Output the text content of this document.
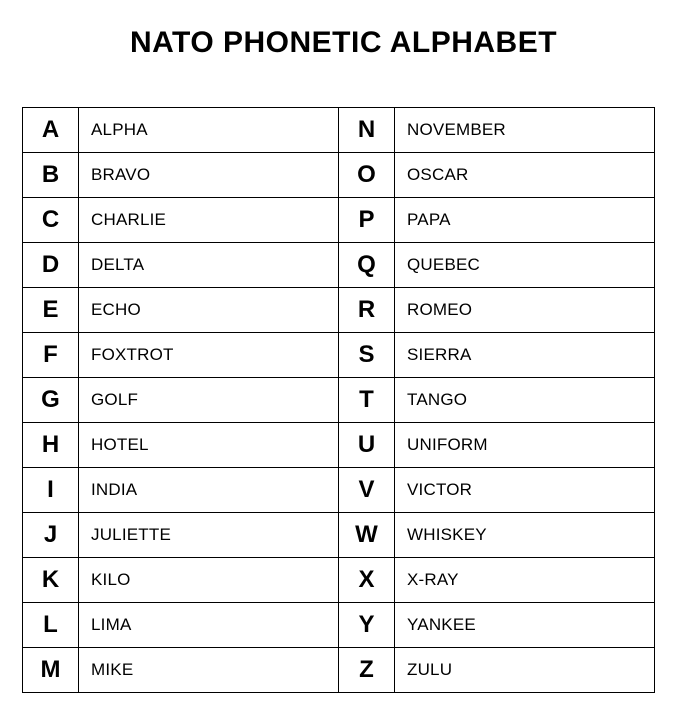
NATO PHONETIC ALPHABET
A	ALPHA	N	NOVEMBER
B	BRAVO	O	OSCAR
C	CHARLIE	P	PAPA
D	DELTA	Q	QUEBEC
E	ECHO	R	ROMEO
F	FOXTROT	S	SIERRA
G	GOLF	T	TANGO
H	HOTEL	U	UNIFORM
I	INDIA	V	VICTOR
J	JULIETTE	W	WHISKEY
K	KILO	X	X-RAY
L	LIMA	Y	YANKEE
M	MIKE	Z	ZULU
